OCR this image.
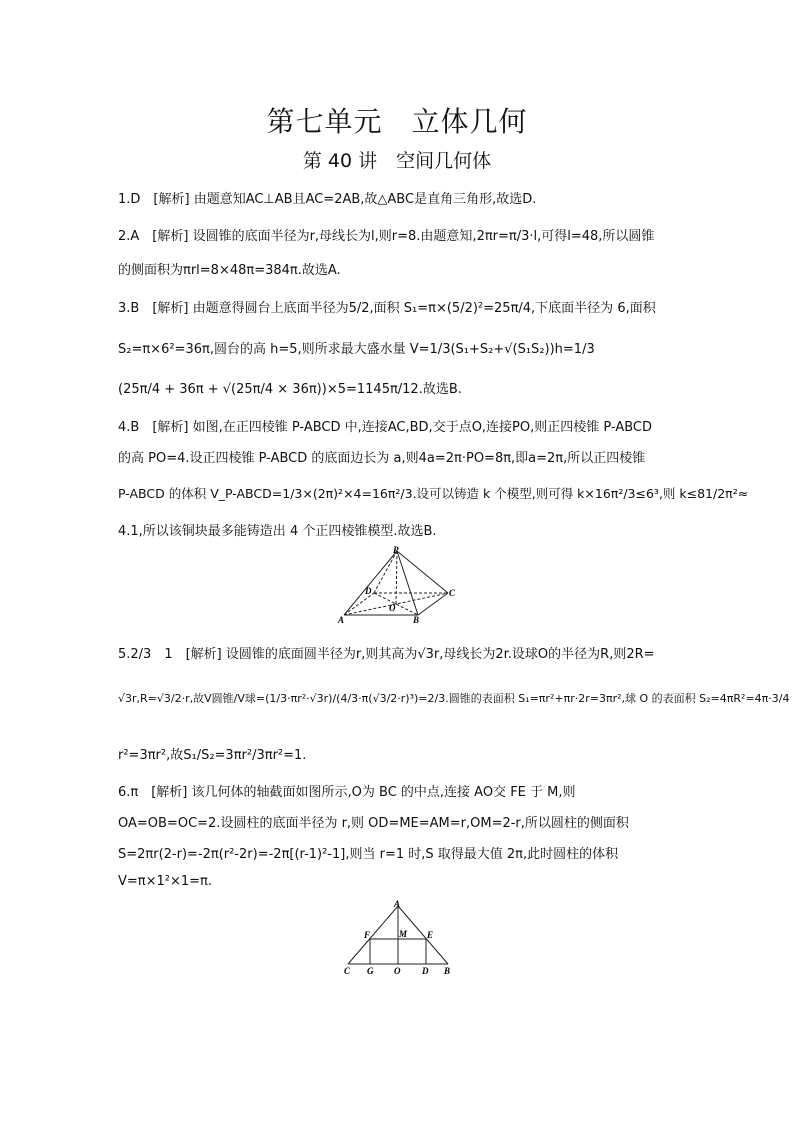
第七单元　立体几何
第 40 讲　空间几何体
1.D　[解析] 由题意知AC⊥AB且AC=2AB,故△ABC是直角三角形,故选D.
2.A　[解析] 设圆锥的底面半径为r,母线长为l,则r=8.由题意知,2πr=π/3·l,可得l=48,所以圆锥
的侧面积为πrl=8×48π=384π.故选A.
3.B　[解析] 由题意得圆台上底面半径为5/2,面积 S₁=π×(5/2)²=25π/4,下底面半径为 6,面积
S₂=π×6²=36π,圆台的高 h=5,则所求最大盛水量 V=1/3(S₁+S₂+√(S₁S₂))h=1/3
(25π/4 + 36π + √(25π/4 × 36π))×5=1145π/12.故选B.
4.B　[解析] 如图,在正四棱锥 P-ABCD 中,连接AC,BD,交于点O,连接PO,则正四棱锥 P-ABCD
的高 PO=4.设正四棱锥 P-ABCD 的底面边长为 a,则4a=2π·PO=8π,即a=2π,所以正四棱锥
P-ABCD 的体积 V_P-ABCD=1/3×(2π)²×4=16π²/3.设可以铸造 k 个模型,则可得 k×16π²/3≤6³,则 k≤81/2π²≈
4.1,所以该铜块最多能铸造出 4 个正四棱锥模型.故选B.
P
D
O
C
A	B
5.2/3　1　[解析] 设圆锥的底面圆半径为r,则其高为√3r,母线长为2r.设球O的半径为R,则2R=
√3r,R=√3/2·r,故V圆锥/V球=(1/3·πr²·√3r)/(4/3·π(√3/2·r)³)=2/3.圆锥的表面积 S₁=πr²+πr·2r=3πr²,球 O 的表面积 S₂=4πR²=4π·3/4
r²=3πr²,故S₁/S₂=3πr²/3πr²=1.
6.π　[解析] 该几何体的轴截面如图所示,O为 BC 的中点,连接 AO交 FE 于 M,则
OA=OB=OC=2.设圆柱的底面半径为 r,则 OD=ME=AM=r,OM=2-r,所以圆柱的侧面积
S=2πr(2-r)=-2π(r²-2r)=-2π[(r-1)²-1],则当 r=1 时,S 取得最大值 2π,此时圆柱的体积
V=π×1²×1=π.
A
F	M E
C G O D B
